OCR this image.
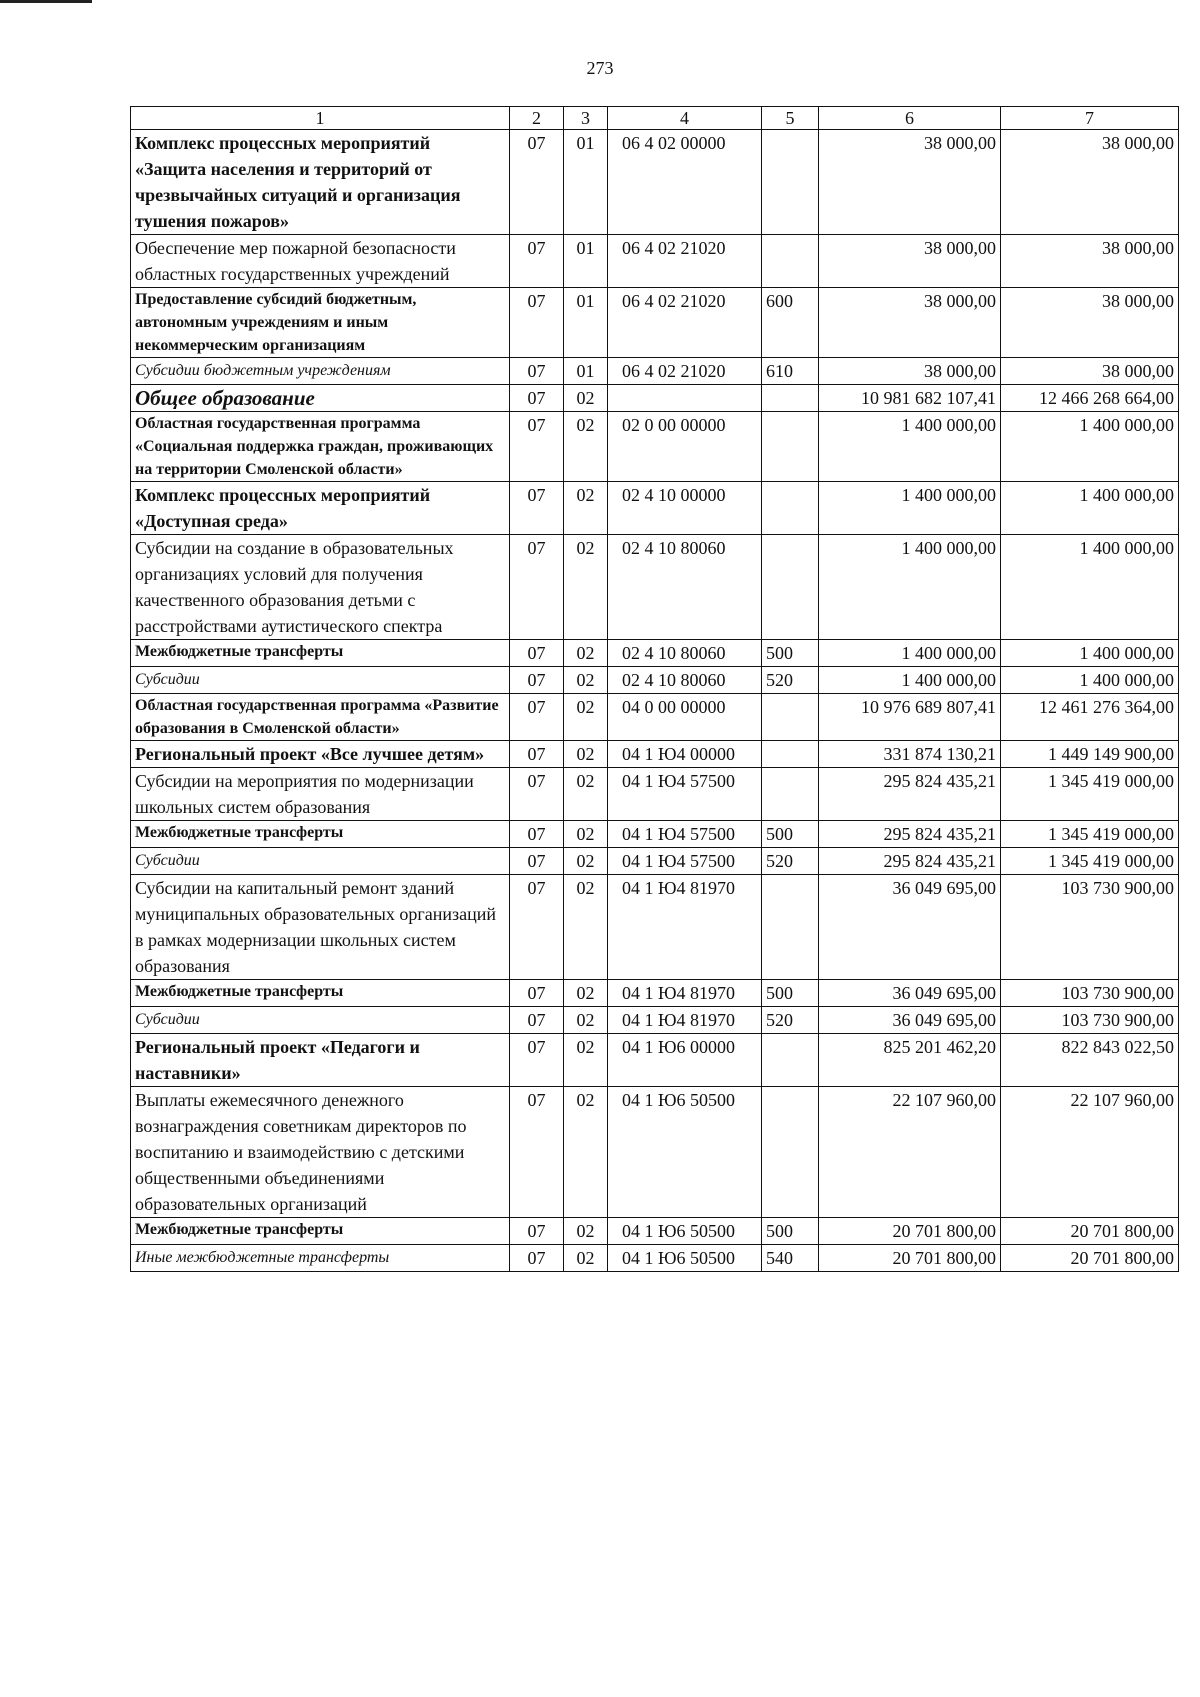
273
1	2	3	4	5	6	7
Комплекс процессных мероприятий «Защита населения и территорий от чрезвычайных ситуаций и организация тушения пожаров»	07	01	06 4 02 00000		38 000,00	38 000,00
Обеспечение мер пожарной безопасности областных государственных учреждений	07	01	06 4 02 21020		38 000,00	38 000,00
Предоставление субсидий бюджетным, автономным учреждениям и иным некоммерческим организациям	07	01	06 4 02 21020	600	38 000,00	38 000,00
Субсидии бюджетным учреждениям	07	01	06 4 02 21020	610	38 000,00	38 000,00
Общее образование	07	02			10 981 682 107,41	12 466 268 664,00
Областная государственная программа «Социальная поддержка граждан, проживающих на территории Смоленской области»	07	02	02 0 00 00000		1 400 000,00	1 400 000,00
Комплекс процессных мероприятий «Доступная среда»	07	02	02 4 10 00000		1 400 000,00	1 400 000,00
Субсидии на создание в образовательных организациях условий для получения качественного образования детьми с расстройствами аутистического спектра	07	02	02 4 10 80060		1 400 000,00	1 400 000,00
Межбюджетные трансферты	07	02	02 4 10 80060	500	1 400 000,00	1 400 000,00
Субсидии	07	02	02 4 10 80060	520	1 400 000,00	1 400 000,00
Областная государственная программа «Развитие образования в Смоленской области»	07	02	04 0 00 00000		10 976 689 807,41	12 461 276 364,00
Региональный проект «Все лучшее детям»	07	02	04 1 Ю4 00000		331 874 130,21	1 449 149 900,00
Субсидии на мероприятия по модернизации школьных систем образования	07	02	04 1 Ю4 57500		295 824 435,21	1 345 419 000,00
Межбюджетные трансферты	07	02	04 1 Ю4 57500	500	295 824 435,21	1 345 419 000,00
Субсидии	07	02	04 1 Ю4 57500	520	295 824 435,21	1 345 419 000,00
Субсидии на капитальный ремонт зданий муниципальных образовательных организаций в рамках модернизации школьных систем образования	07	02	04 1 Ю4 81970		36 049 695,00	103 730 900,00
Межбюджетные трансферты	07	02	04 1 Ю4 81970	500	36 049 695,00	103 730 900,00
Субсидии	07	02	04 1 Ю4 81970	520	36 049 695,00	103 730 900,00
Региональный проект «Педагоги и наставники»	07	02	04 1 Ю6 00000		825 201 462,20	822 843 022,50
Выплаты ежемесячного денежного вознаграждения советникам директоров по воспитанию и взаимодействию с детскими общественными объединениями образовательных организаций	07	02	04 1 Ю6 50500		22 107 960,00	22 107 960,00
Межбюджетные трансферты	07	02	04 1 Ю6 50500	500	20 701 800,00	20 701 800,00
Иные межбюджетные трансферты	07	02	04 1 Ю6 50500	540	20 701 800,00	20 701 800,00
